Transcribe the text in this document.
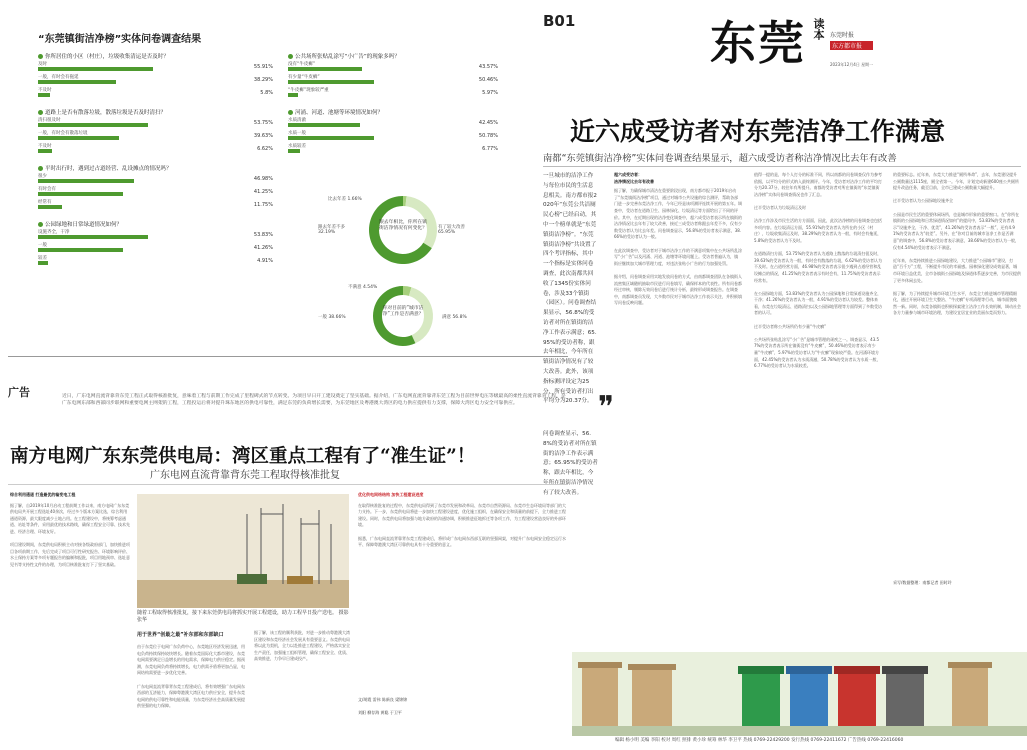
“东莞镇街洁净榜”实体问卷调查结果
你所居住的小区（村庄），垃圾收集清运是否及时？
及时	55.91%
一般，有时会有拖延	38.29%
不及时	5.8%
道路上是否有散落垃圾，散落垃圾是否及时清扫？
清扫很及时	53.75%
一般，有时会有散落垃圾	39.63%
不及时	6.62%
平时出行时，遇到过占道经营、乱设摊点的情况吗？
很少	46.98%
有时会有	41.25%
经常有	11.75%
公园绿地和日常绿道情况如何？
设施齐全，干净	53.83%
一般	41.26%
较差	4.91%
公共场所张贴乱涂写“小广告”的现象多吗？
没有“牛皮癣”	43.57%
有少量“牛皮癣”	50.46%
“牛皮癣”现象较严重	5.97%
河涌、河道、池塘等环境情况如何？
水质清澈	42.45%
水质一般	50.78%
水质较差	6.77%
跟去年相比，你所在镇街洁净情况有何变化？
比去年差 1.66%
跟去年差不多
32.19%
有了较大改善
65.95%
你对目前的“城市洁净”工作是否满意？
不满意 4.54%
一般 38.66%	满意 56.8%
B01	东莞 读本 东莞时报
东方都市报
2023年12月4日 星期一
近六成受访者对东莞洁净工作满意
南都“东莞镇街洁净榜”实体问卷调查结果显示，超六成受访者称洁净情况比去年有改善
一旦城市的洁净工作与每位市民的生活息息相关。南方都市报2020年“东莞公共洁厕民心榜”已经启动，其中一个榜单就是“东莞镇街洁净榜”。“东莞镇街洁净榜”共设置了四个考评指标，其中一个指标是实体问卷调查，此次南都共回收了1345份实体问卷，涉及33个镇街（园区）。问卷调查结果显示，56.8%的受访者对所在镇街的洁净工作表示满意；65.95%的受访者称，跟去年相比，今年所在镇街洁净情况有了较大改善。此外，该项指标测评设定为25分，所有受访者打出平均分为20.37分。 ❞
问卷调查显示，56.8%的受访者对所在镇街的洁净工作表示满意；65.95%的受访者称，跟去年相比，今年所在镇街洁净情况有了较大改善。
超六成受访者：
洁净情况比去年有改善
据了解，为确保城市清洁在重要阶段出现，南方都市报于2019年启动了“东莞镇街洁净榜”项目，通过对城市公共设施的综合测评，帮助各部门进一步完善东莞洁净工作，今年已经是该项测评连续开展的第五年。调查中，受访者在道路卫生、园林绿化、垃圾清运等方面给出了不同的评价。其中，在近期出现的洁净变化调查中，超六成受访者表示所在镇街的洁净情况比去年有了较大改善，接近三成受访者称跟去年差不多，仅有少数受访者认为比去年差。问卷调查显示，56.8%的受访者表示满意，38.66%的受访者认为一般。

在此次调查中，受访者对于城市洁净工作的不满意项集中在公共场所乱涂写“小广告”以及河涌、河道、池塘等环境问题上。受访者普遍认为，镇街应继续加大城市管理力度，对违法张贴小广告的行为加强处罚。

据介绍，问卷调查采用实地发放问卷的方式，由南都调查团队在各镇街人流密集区域随机抽取市民进行问卷填写，确保样本的代表性。所有问卷都经过审核，剔除无效问卷后进行统计分析，最终形成调查报告。在调查中，南都调查员发现，大多数市民对于城市洁净工作表示关注，并积极填写问卷反映问题。
值得一提的是，每个人打分的标准不同，所以南都的问卷调查仅作为参考依据，以平均分的形式纳入最终测评。今年，受访者对洁净工作的平均打分为20.37分，较往年有所提升。南都的受访者对所在镇街的“东莞镇街洁净榜”实体问卷调查情况也作了汇总。

过半受访者认为垃圾清运及时

洁净工作涉及市民生活的方方面面，因此，此次洁净榜的问卷调查也包括多项内容。在垃圾清运方面，55.91%的受访者认为所在的小区（村庄），垃圾收集清运及时，38.29%的受访者认为一般，有时会有拖延，5.8%的受访者认为不及时。

在道路清扫方面，53.75%的受访者认为道路上散落的垃圾清扫很及时，39.63%的受访者认为一般，有时会有散落的垃圾，6.62%的受访者认为不及时。在占道经营方面，46.98%的受访者表示很少遇到占道经营和乱设摊点的情况，41.25%的受访者表示有时会有，11.75%的受访者表示经常有。

在公园绿地方面，53.83%的受访者认为公园绿地和日常绿道设施齐全，干净；41.26%的受访者认为一般，4.91%的受访者认为较差。整体来看，东莞在垃圾清运、道路清扫以及公园绿地管理等方面得到了多数受访者的认可。

过半受访者称公共场所仍有少量“牛皮癣”

公共场所张贴乱涂写“小广告”是城市管理的顽疾之一。调查显示，43.57%的受访者表示所在镇街没有“牛皮癣”，50.46%的受访者表示有少量“牛皮癣”，5.97%的受访者认为“牛皮癣”现象较严重。在河涌环境方面，42.45%的受访者认为水质清澈，50.78%的受访者认为水质一般，6.77%的受访者认为水质较差。
的重要标志。近年来，东莞大力推进“厕所革命”，去年，东莞建设提升公厕数量达1115座，厕全省第一。今年，计划完成新建600座公共厕所提升改造任务，截至目前，全市已建成公厕数量大幅提升。

过半受访者认为公园绿地设施齐全

公园是市民生活的重要休闲场所，也是城市形象的重要窗口。在“你所在镇街的公园绿地和日常绿道情况如何”的提问中，53.83%的受访者表示“设施齐全，干净、优美”，41.26%的受访者表示“一般”，还有4.91%的受访者认为“较差”。另外，在“你对目前的城市洁净工作是否满意”的调查中，56.8%的受访者表示满意，38.66%的受访者认为一般，仅有4.54%的受访者表示不满意。

近年来，东莞持续推进公园绿地建设，大力推进“公园城市”建设，打造“百千万”工程，不断提升市民的幸福感。园林绿化建设成效显著，城市环境日益优美，全市各镇街公园绿地及绿道体系逐步完善，为市民提供了更多休闲去处。

据了解，为了持续提升城市环境卫生水平，东莞全力推进城市管理精细化，通过开展环境卫生大整治、“牛皮癣”专项清理等行动，城市面貌焕然一新。同时，东莞各镇街也积极探索建立洁净工作长效机制，调动社会各方力量参与城市环境治理，为建设宜居宜业的美丽东莞而努力。
采写/数据整理：南都记者 田时玲
编辑 杨小明 美编 李阳 校对 周红 照排 黄小珍 统筹 林华 李卫平 热线 0769-22429200 发行热线 0769-22411672 广告热线 0769-22416060
广告	近日，广东电网直流背靠背东莞工程正式取得核准批复，意味着工程与前期工作完成了里程碑式的节点转变。为项目早日开工建设奠定了坚实基础。据介绍，广东电网直流背靠背东莞工程为目前世界电压等级最高的柔性直流背靠背工程，是广东电网东部和西部同步联网和重要电网主网架的工程，工程投运后将对提升珠东地区的供电可靠性，满足东莞的负荷增长需要，为东莞地区及粤港澳大湾区的电力供应提供有力支撑，保障大湾区电力安全可靠供应。
南方电网广东东莞供电局：湾区重点工程有了“准生证”！
广东电网直流背靠背东莞工程取得核准批复
综合利用通道 打造最优的输变电工程
据了解，自2019年10月启动工程前期工作以来，南方电网广东东莞供电局共开展工程选址40余次，经过多个版本方案比选，综合利用通道资源，最大限度减少土地占用。在工程建设中，将统筹考虑通道、站址等条件，采用最优的技术路线，确保工程安全可靠、技术先进、经济合理、环境友好。

项目建设期间，东莞供电局积极主动对接各级政府部门，加快推进项目各项前期工作，先后完成了项目可行性研究报告、环境影响评价、水土保持方案等多项专题报告的编制和报批，项目用地预审、选址意见书等支持性文件的办理，为项目核准批复打下了坚实基础。
随着工程取得核准批复，接下来东莞供电局将抓实开展工程建设，助力工程早日投产送电。 摄影 张华
用于世界“创最之最”补东部和东部缺口
由于东莞位于电网广东负荷中心，东莞地区经济发展迅速，用电负荷持续保持较快增长。随着东莞国际化大都市建设，东莞电网需要满足日益增长的用电需求，保障电力供应稳定。据预测，东莞电网负荷将持续增长，电力供需矛盾将更加凸显，电网结构需要进一步优化完善。

广东电网直流背靠背东莞工程建成后，将有效增强广东电网东西部的互济能力，保障粤港澳大湾区电力供应安全，提升东莞电网的供电可靠性和电能质量，为东莞经济社会高质量发展提供坚强的电力保障。
据了解，该工程的顺利获批，对进一步推动粤港澳大湾区建设和东莞经济社会发展具有重要意义。东莞供电局将以此为契机，全力以赴推进工程建设，严格落实安全生产责任，加强施工组织管理，确保工程安全、优质、高效推进，力争早日建成投产。
优化供电网络结构 加快工程建设进度
在取得核准批复的过程中，东莞供电局得到了东莞市发展和改革局、东莞市自然资源局、东莞市生态环境局等部门的大力支持。下一步，东莞供电局将进一步加快工程建设进度，优化施工组织，在确保安全和质量的前提下，全力推进工程建设。同时，东莞供电局将加强与地方政府的沟通协调，积极推进征地拆迁等各项工作，为工程建设营造良好的外部环境。

据悉，广东电网直流背靠背东莞工程建成后，将形成广东电网东西部互联的坚强网架，对提升广东电网安全稳定运行水平、保障粤港澳大湾区可靠供电具有十分重要的意义。
文/胡霞 雷伟 陈新良 梁锦锦

刘阳 柳存海 黄聪 于卫平
